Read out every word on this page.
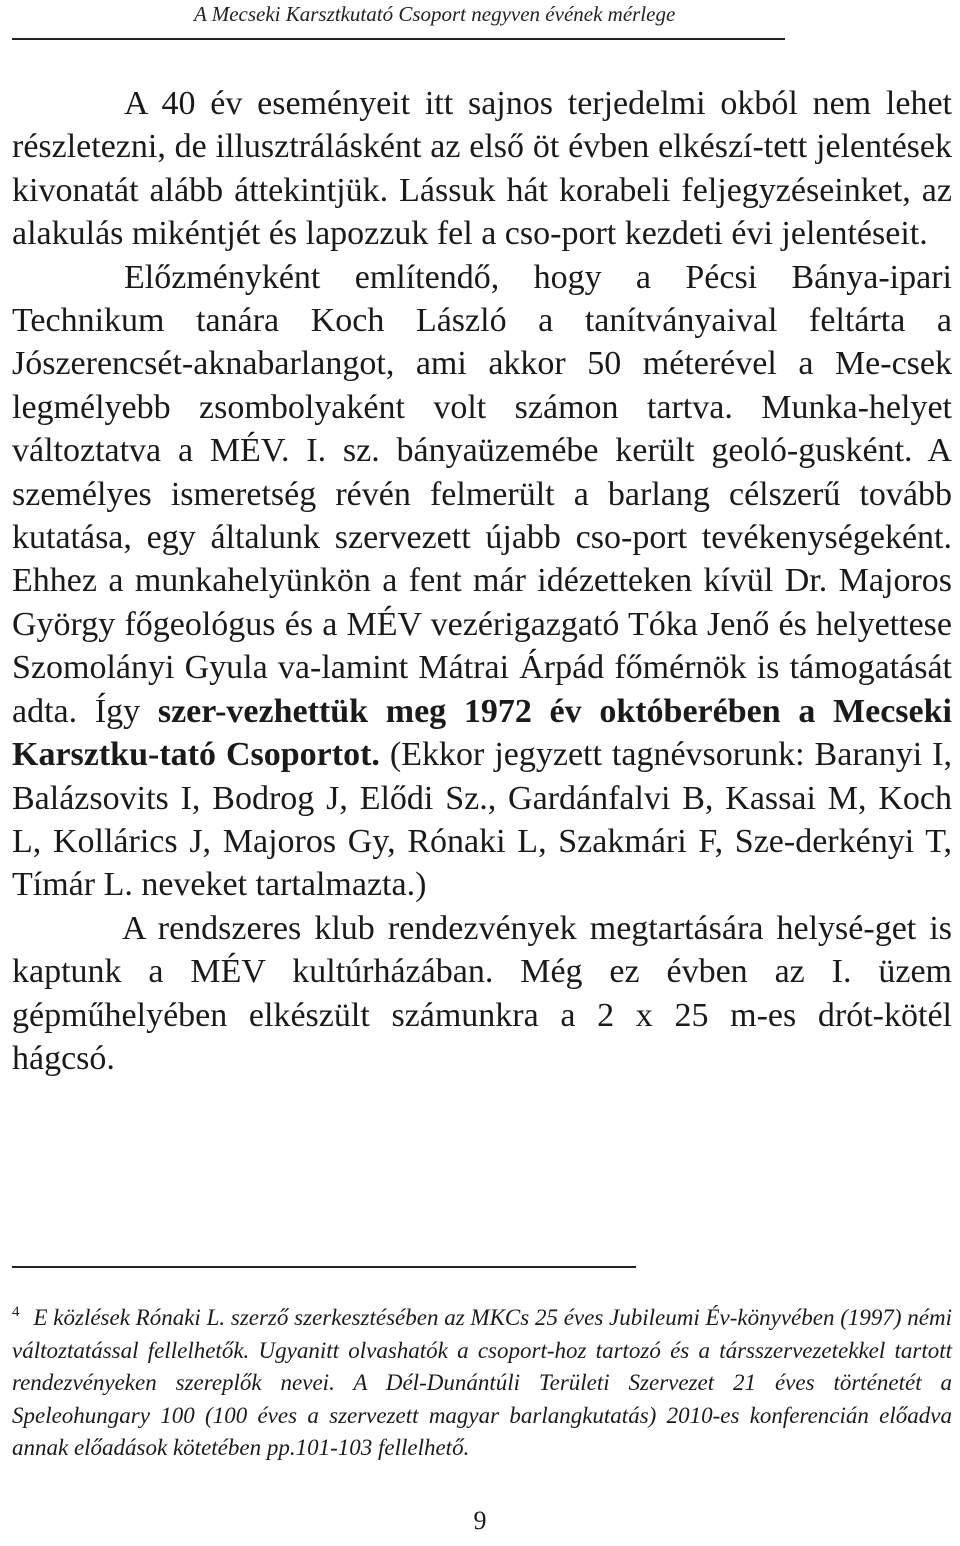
A Mecseki Karsztkutató Csoport negyven évének mérlege

A 40 év eseményeit itt sajnos terjedelmi okból nem lehet részletezni, de illusztrálásként az első öt évben elkészí-tett jelentések kivonatát alább áttekintjük. Lássuk hát korabeli feljegyzéseinket, az alakulás mikéntjét és lapozzuk fel a cso-port kezdeti évi jelentéseit.

Előzményként említendő, hogy a Pécsi Bánya-ipari Technikum tanára Koch László a tanítványaival feltárta a Jószerencsét-aknabarlangot, ami akkor 50 méterével a Me-csek legmélyebb zsombolyaként volt számon tartva. Munka-helyet változtatva a MÉV. I. sz. bányaüzemébe került geoló-gusként. A személyes ismeretség révén felmerült a barlang célszerű tovább kutatása, egy általunk szervezett újabb cso-port tevékenységeként. Ehhez a munkahelyünkön a fent már idézetteken kívül Dr. Majoros György főgeológus és a MÉV vezérigazgató Tóka Jenő és helyettese Szomolányi Gyula va-lamint Mátrai Árpád főmérnök is támogatását adta. Így szer-vezhettük meg 1972 év októberében a Mecseki Karsztku-tató Csoportot. (Ekkor jegyzett tagnévsorunk: Baranyi I, Balázsovits I, Bodrog J, Elődi Sz., Gardánfalvi B, Kassai M, Koch L, Kollárics J, Majoros Gy, Rónaki L, Szakmári F, Sze-derkényi T, Tímár L. neveket tartalmazta.)

A rendszeres klub rendezvények megtartására helysé-get is kaptunk a MÉV kultúrházában. Még ez évben az I. üzem gépműhelyében elkészült számunkra a 2 x 25 m-es drót-kötél hágcsó.

$^4$ E közlések Rónaki L. szerző szerkesztésében az MKCs 25 éves Jubileumi Év-könyvében (1997) némi változtatással fellelhetők. Ugyanitt olvashatók a csoport-hoz tartozó és a társszervezetekkel tartott rendezvényeken szereplők nevei. A Dél-Dunántúli Területi Szervezet 21 éves történetét a Speleohungary 100 (100 éves a szervezett magyar barlangkutatás) 2010-es konferencián előadva annak előadások kötetében pp.101-103 fellelhető.

9
